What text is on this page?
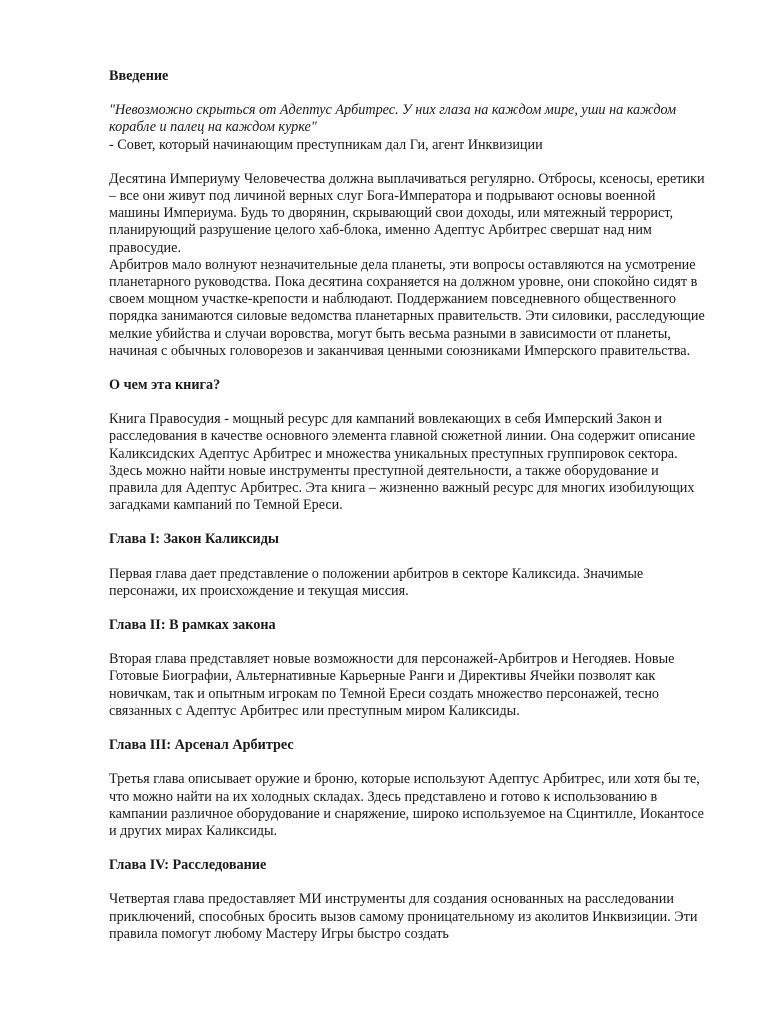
Введение

"Невозможно скрыться от Адептус Арбитрес. У них глаза на каждом мире, уши на каждом корабле и палец на каждом курке"

- Совет, который начинающим преступникам дал Ги, агент Инквизиции

Десятина Империуму Человечества должна выплачиваться регулярно. Отбросы, ксеносы, еретики – все они живут под личиной верных слуг Бога-Императора и подрывают основы военной машины Империума. Будь то дворянин, скрывающий свои доходы, или мятежный террорист, планирующий разрушение целого хаб-блока, именно Адептус Арбитрес свершат над ним правосудие.

Арбитров мало волнуют незначительные дела планеты, эти вопросы оставляются на усмотрение планетарного руководства. Пока десятина сохраняется на должном уровне, они спокойно сидят в своем мощном участке-крепости и наблюдают. Поддержанием повседневного общественного порядка занимаются силовые ведомства планетарных правительств. Эти силовики, расследующие мелкие убийства и случаи воровства, могут быть весьма разными в зависимости от планеты, начиная с обычных головорезов и заканчивая ценными союзниками Имперского правительства.

О чем эта книга?

Книга Правосудия - мощный ресурс для кампаний вовлекающих в себя Имперский Закон и расследования в качестве основного элемента главной сюжетной линии. Она содержит описание Каликсидских Адептус Арбитрес и множества уникальных преступных группировок сектора. Здесь можно найти новые инструменты преступной деятельности, а также оборудование и правила для Адептус Арбитрес. Эта книга – жизненно важный ресурс для многих изобилующих загадками кампаний по Темной Ереси.

Глава I: Закон Каликсиды

Первая глава дает представление о положении арбитров в секторе Каликсида. Значимые персонажи, их происхождение и текущая миссия.

Глава II: В рамках закона

Вторая глава представляет новые возможности для персонажей-Арбитров и Негодяев. Новые Готовые Биографии, Альтернативные Карьерные Ранги и Директивы Ячейки позволят как новичкам, так и опытным игрокам по Темной Ереси создать множество персонажей, тесно связанных с Адептус Арбитрес или преступным миром Каликсиды.

Глава III: Арсенал Арбитрес

Третья глава описывает оружие и броню, которые используют Адептус Арбитрес, или хотя бы те, что можно найти на их холодных складах. Здесь представлено и готово к использованию в кампании различное оборудование и снаряжение, широко используемое на Сцинтилле, Иокантосе и других мирах Каликсиды.

Глава IV: Расследование

Четвертая глава предоставляет МИ инструменты для создания основанных на расследовании приключений, способных бросить вызов самому проницательному из аколитов Инквизиции. Эти правила помогут любому Мастеру Игры быстро создать
